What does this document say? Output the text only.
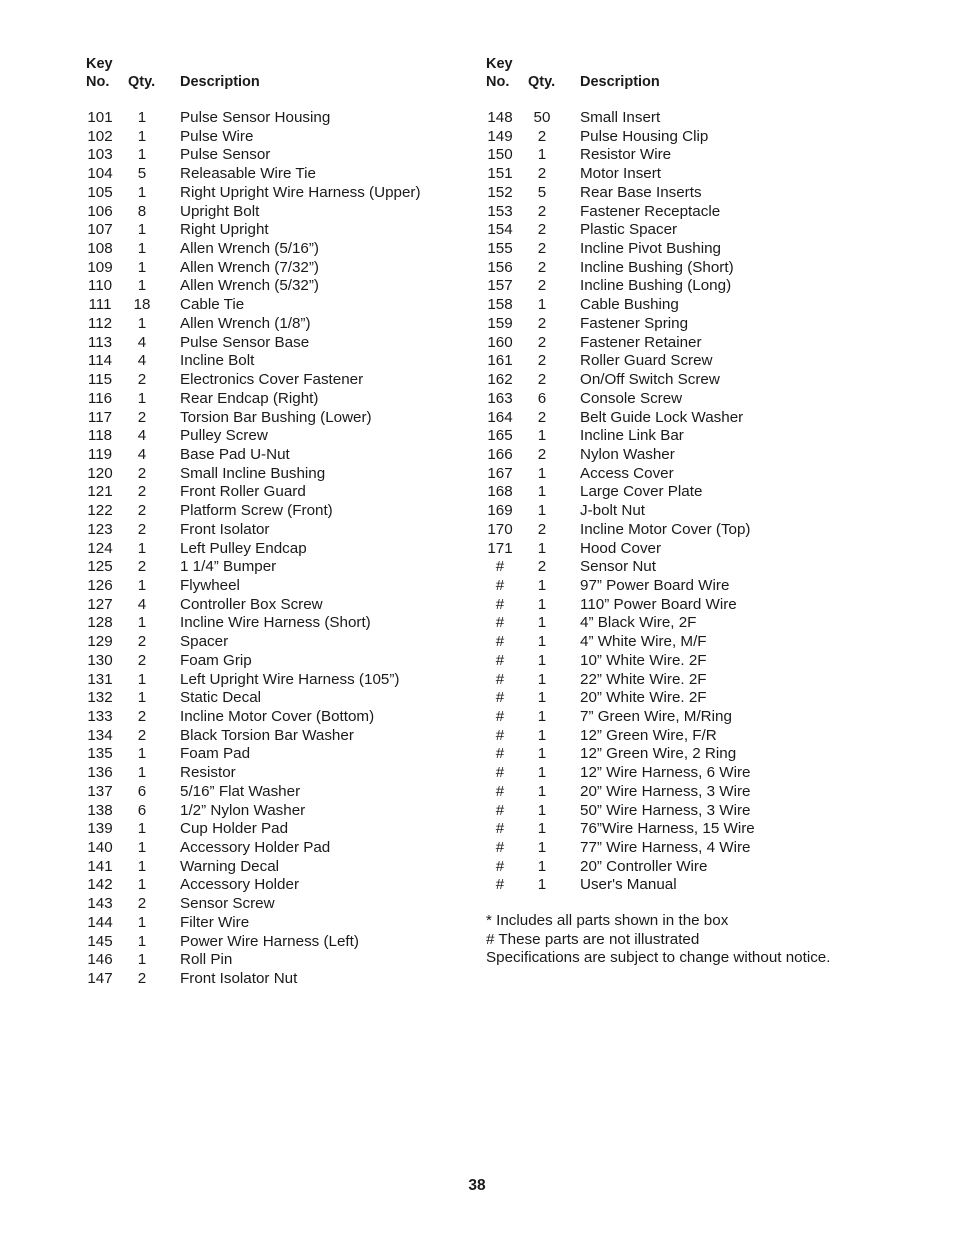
Key
No. Qty. Description
101	1	Pulse Sensor Housing
102	1	Pulse Wire
103	1	Pulse Sensor
104	5	Releasable Wire Tie
105	1	Right Upright Wire Harness (Upper)
106	8	Upright Bolt
107	1	Right Upright
108	1	Allen Wrench (5/16”)
109	1	Allen Wrench (7/32”)
110	1	Allen Wrench (5/32”)
111	18	Cable Tie
112	1	Allen Wrench (1/8”)
113	4	Pulse Sensor Base
114	4	Incline Bolt
115	2	Electronics Cover Fastener
116	1	Rear Endcap (Right)
117	2	Torsion Bar Bushing (Lower)
118	4	Pulley Screw
119	4	Base Pad U-Nut
120	2	Small Incline Bushing
121	2	Front Roller Guard
122	2	Platform Screw (Front)
123	2	Front Isolator
124	1	Left Pulley Endcap
125	2	1 1/4” Bumper
126	1	Flywheel
127	4	Controller Box Screw
128	1	Incline Wire Harness (Short)
129	2	Spacer
130	2	Foam Grip
131	1	Left Upright Wire Harness (105”)
132	1	Static Decal
133	2	Incline Motor Cover (Bottom)
134	2	Black Torsion Bar Washer
135	1	Foam Pad
136	1	Resistor
137	6	5/16” Flat Washer
138	6	1/2” Nylon Washer
139	1	Cup Holder Pad
140	1	Accessory Holder Pad
141	1	Warning Decal
142	1	Accessory Holder
143	2	Sensor Screw
144	1	Filter Wire
145	1	Power Wire Harness (Left)
146	1	Roll Pin
147	2	Front Isolator Nut
Key
No. Qty. Description
148	50	Small Insert
149	2	Pulse Housing Clip
150	1	Resistor Wire
151	2	Motor Insert
152	5	Rear Base Inserts
153	2	Fastener Receptacle
154	2	Plastic Spacer
155	2	Incline Pivot Bushing
156	2	Incline Bushing (Short)
157	2	Incline Bushing (Long)
158	1	Cable Bushing
159	2	Fastener Spring
160	2	Fastener Retainer
161	2	Roller Guard Screw
162	2	On/Off Switch Screw
163	6	Console Screw
164	2	Belt Guide Lock Washer
165	1	Incline Link Bar
166	2	Nylon Washer
167	1	Access Cover
168	1	Large Cover Plate
169	1	J-bolt Nut
170	2	Incline Motor Cover (Top)
171	1	Hood Cover
#	2	Sensor Nut
#	1	97” Power Board Wire
#	1	110” Power Board Wire
#	1	4” Black Wire, 2F
#	1	4” White Wire, M/F
#	1	10” White Wire. 2F
#	1	22” White Wire. 2F
#	1	20” White Wire. 2F
#	1	7” Green Wire, M/Ring
#	1	12” Green Wire, F/R
#	1	12” Green Wire, 2 Ring
#	1	12” Wire Harness, 6 Wire
#	1	20” Wire Harness, 3 Wire
#	1	50” Wire Harness, 3 Wire
#	1	76”Wire Harness, 15 Wire
#	1	77” Wire Harness, 4 Wire
#	1	20” Controller Wire
#	1	User's Manual
* Includes all parts shown in the box
# These parts are not illustrated
Specifications are subject to change without notice.
38
